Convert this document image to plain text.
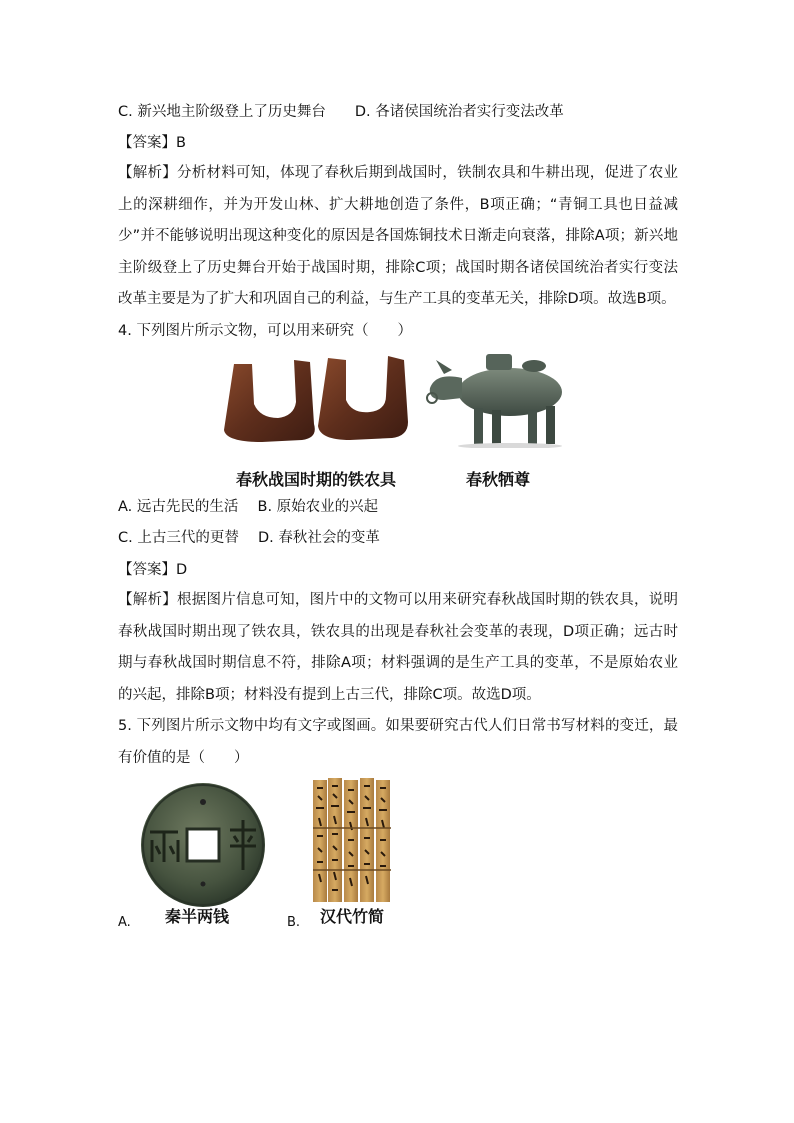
C. 新兴地主阶级登上了历史舞台　　D. 各诸侯国统治者实行变法改革
【答案】B
【解析】分析材料可知，体现了春秋后期到战国时，铁制农具和牛耕出现，促进了农业上的深耕细作，并为开发山林、扩大耕地创造了条件，B项正确；“青铜工具也日益减少”并不能够说明出现这种变化的原因是各国炼铜技术日渐走向衰落，排除A项；新兴地主阶级登上了历史舞台开始于战国时期，排除C项；战国时期各诸侯国统治者实行变法改革主要是为了扩大和巩固自己的利益，与生产工具的变革无关，排除D项。故选B项。
4. 下列图片所示文物，可以用来研究（　　）
春秋战国时期的铁农具	春秋牺尊
A. 远古先民的生活　 B. 原始农业的兴起
C. 上古三代的更替　 D. 春秋社会的变革
【答案】D
【解析】根据图片信息可知，图片中的文物可以用来研究春秋战国时期的铁农具，说明春秋战国时期出现了铁农具，铁农具的出现是春秋社会变革的表现，D项正确；远古时期与春秋战国时期信息不符，排除A项；材料强调的是生产工具的变革，不是原始农业的兴起，排除B项；材料没有提到上古三代，排除C项。故选D项。
5. 下列图片所示文物中均有文字或图画。如果要研究古代人们日常书写材料的变迁，最有价值的是（　　）
秦半两钱	汉代竹简
A.	B.
